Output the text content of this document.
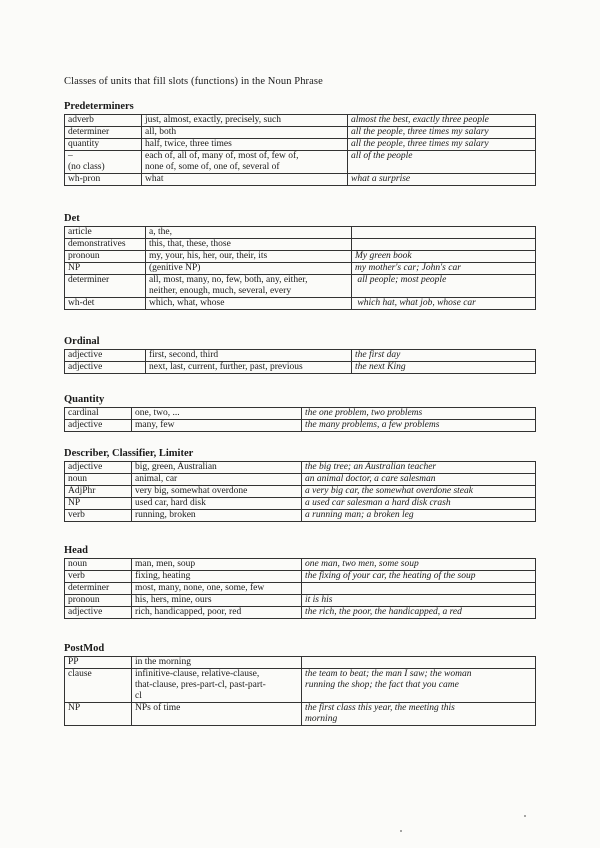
Classes of units that fill slots (functions) in the Noun Phrase
Predeterminers
adverb	just, almost, exactly, precisely, such	almost the best, exactly three people
determiner	all, both	all the people, three times my salary
quantity	half, twice, three times	all the people, three times my salary
–
(no class)	each of, all of, many of, most of, few of,
none of, some of, one of, several of	all of the people
wh-pron	what	what a surprise
Det
article	a, the,	
demonstratives	this, that, these, those	
pronoun	my, your, his, her, our, their, its	My green book
NP	(genitive NP)	my mother's car; John's car
determiner	all, most, many, no, few, both, any, either,
neither, enough, much, several, every	all people; most people
wh-det	which, what, whose	which hat, what job, whose car
Ordinal
adjective	first, second, third	the first day
adjective	next, last, current, further, past, previous	the next King
Quantity
cardinal	one, two, ...	the one problem, two problems
adjective	many, few	the many problems, a few problems
Describer, Classifier, Limiter
adjective	big, green, Australian	the big tree; an Australian teacher
noun	animal, car	an animal doctor, a care salesman
AdjPhr	very big, somewhat overdone	a very big car, the somewhat overdone steak
NP	used car, hard disk	a used car salesman a hard disk crash
verb	running, broken	a running man; a broken leg
Head
noun	man, men, soup	one man, two men, some soup
verb	fixing, heating	the fixing of your car, the heating of the soup
determiner	most, many, none, one, some, few	
pronoun	his, hers, mine, ours	it is his
adjective	rich, handicapped, poor, red	the rich, the poor, the handicapped, a red
PostMod
PP	in the morning	
clause	infinitive-clause, relative-clause,
that-clause, pres-part-cl, past-part-
cl	the team to beat; the man I saw; the woman
running the shop; the fact that you came
NP	NPs of time	the first class this year, the meeting this
morning
